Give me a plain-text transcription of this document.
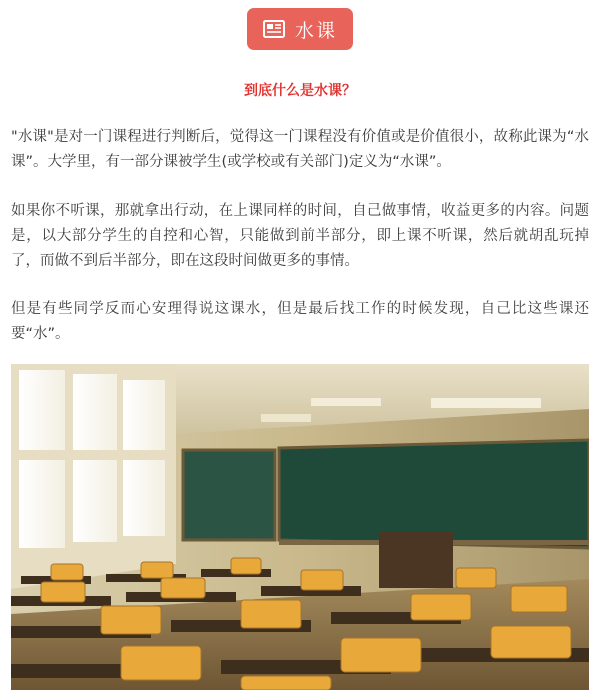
水课
到底什么是水课？

"水课"是对一门课程进行判断后，觉得这一门课程没有价值或是价值很小，故称此课为“水课”。大学里，有一部分课被学生(或学校或有关部门)定义为“水课”。

如果你不听课，那就拿出行动，在上课同样的时间，自己做事情，收益更多的内容。问题是，以大部分学生的自控和心智，只能做到前半部分，即上课不听课，然后就胡乱玩掉了，而做不到后半部分，即在这段时间做更多的事情。

但是有些同学反而心安理得说这课水，但是最后找工作的时候发现，自己比这些课还要“水”。
